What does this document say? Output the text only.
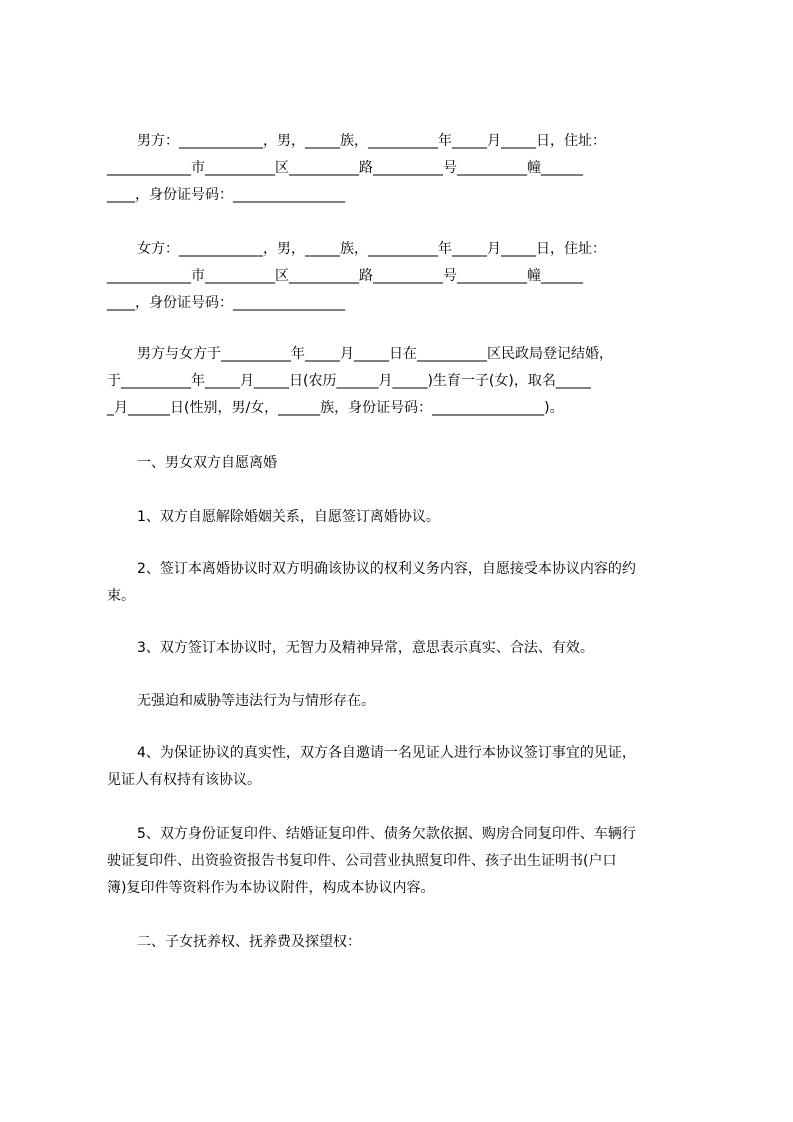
男方：____________，男，_____族，__________年_____月_____日，住址：

____________市__________区__________路__________号__________幢______

____，身份证号码：________________

女方：____________，男，_____族，__________年_____月_____日，住址：

____________市__________区__________路__________号__________幢______

____，身份证号码：________________

男方与女方于__________年_____月_____日在__________区民政局登记结婚，

于__________年_____月_____日(农历______月_____)生育一子(女)，取名_____

_月______日(性别，男/女，______族，身份证号码：________________)。

一、男女双方自愿离婚

1、双方自愿解除婚姻关系，自愿签订离婚协议。

2、签订本离婚协议时双方明确该协议的权利义务内容，自愿接受本协议内容的约

束。

3、双方签订本协议时，无智力及精神异常，意思表示真实、合法、有效。

无强迫和威胁等违法行为与情形存在。

4、为保证协议的真实性，双方各自邀请一名见证人进行本协议签订事宜的见证，

见证人有权持有该协议。

5、双方身份证复印件、结婚证复印件、债务欠款依据、购房合同复印件、车辆行

驶证复印件、出资验资报告书复印件、公司营业执照复印件、孩子出生证明书(户口

簿)复印件等资料作为本协议附件，构成本协议内容。

二、子女抚养权、抚养费及探望权：
